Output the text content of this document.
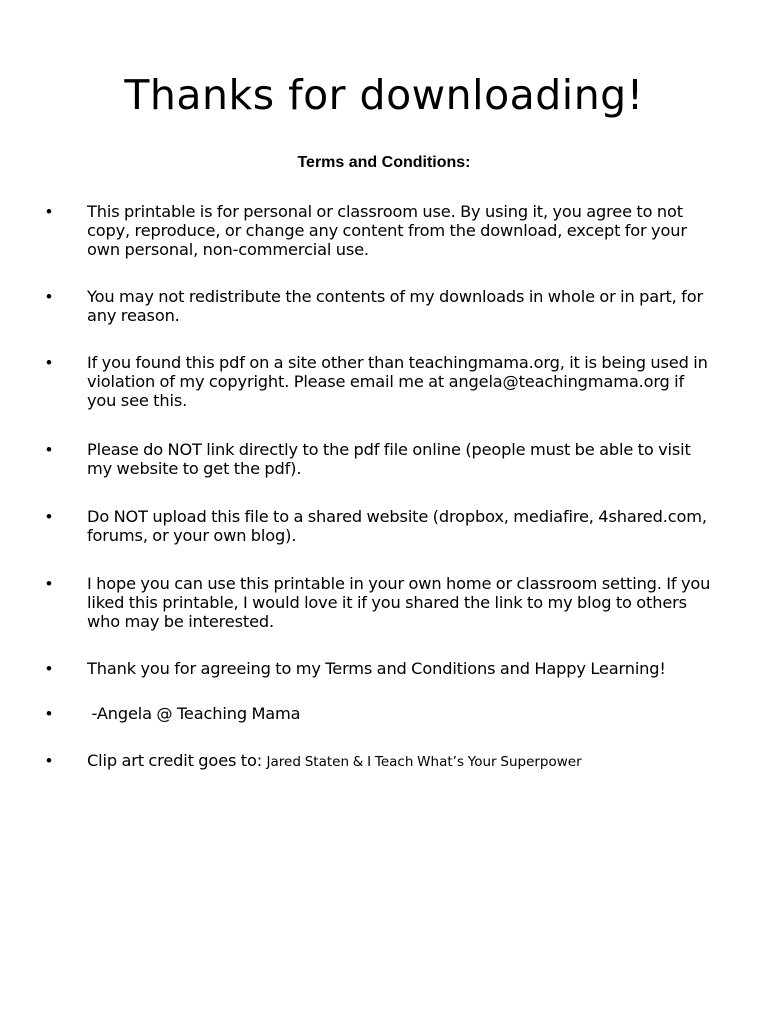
Thanks for downloading!
Terms and Conditions:
• This printable is for personal or classroom use. By using it, you agree to not copy, reproduce, or change any content from the download, except for your own personal, non-commercial use.
• You may not redistribute the contents of my downloads in whole or in part, for any reason.
• If you found this pdf on a site other than teachingmama.org, it is being used in violation of my copyright. Please email me at angela@teachingmama.org if you see this.
• Please do NOT link directly to the pdf file online (people must be able to visit my website to get the pdf).
• Do NOT upload this file to a shared website (dropbox, mediafire, 4shared.com, forums, or your own blog).
• I hope you can use this printable in your own home or classroom setting. If you liked this printable, I would love it if you shared the link to my blog to others who may be interested.
• Thank you for agreeing to my Terms and Conditions and Happy Learning!
• -Angela @ Teaching Mama
• Clip art credit goes to: Jared Staten & I Teach What’s Your Superpower
